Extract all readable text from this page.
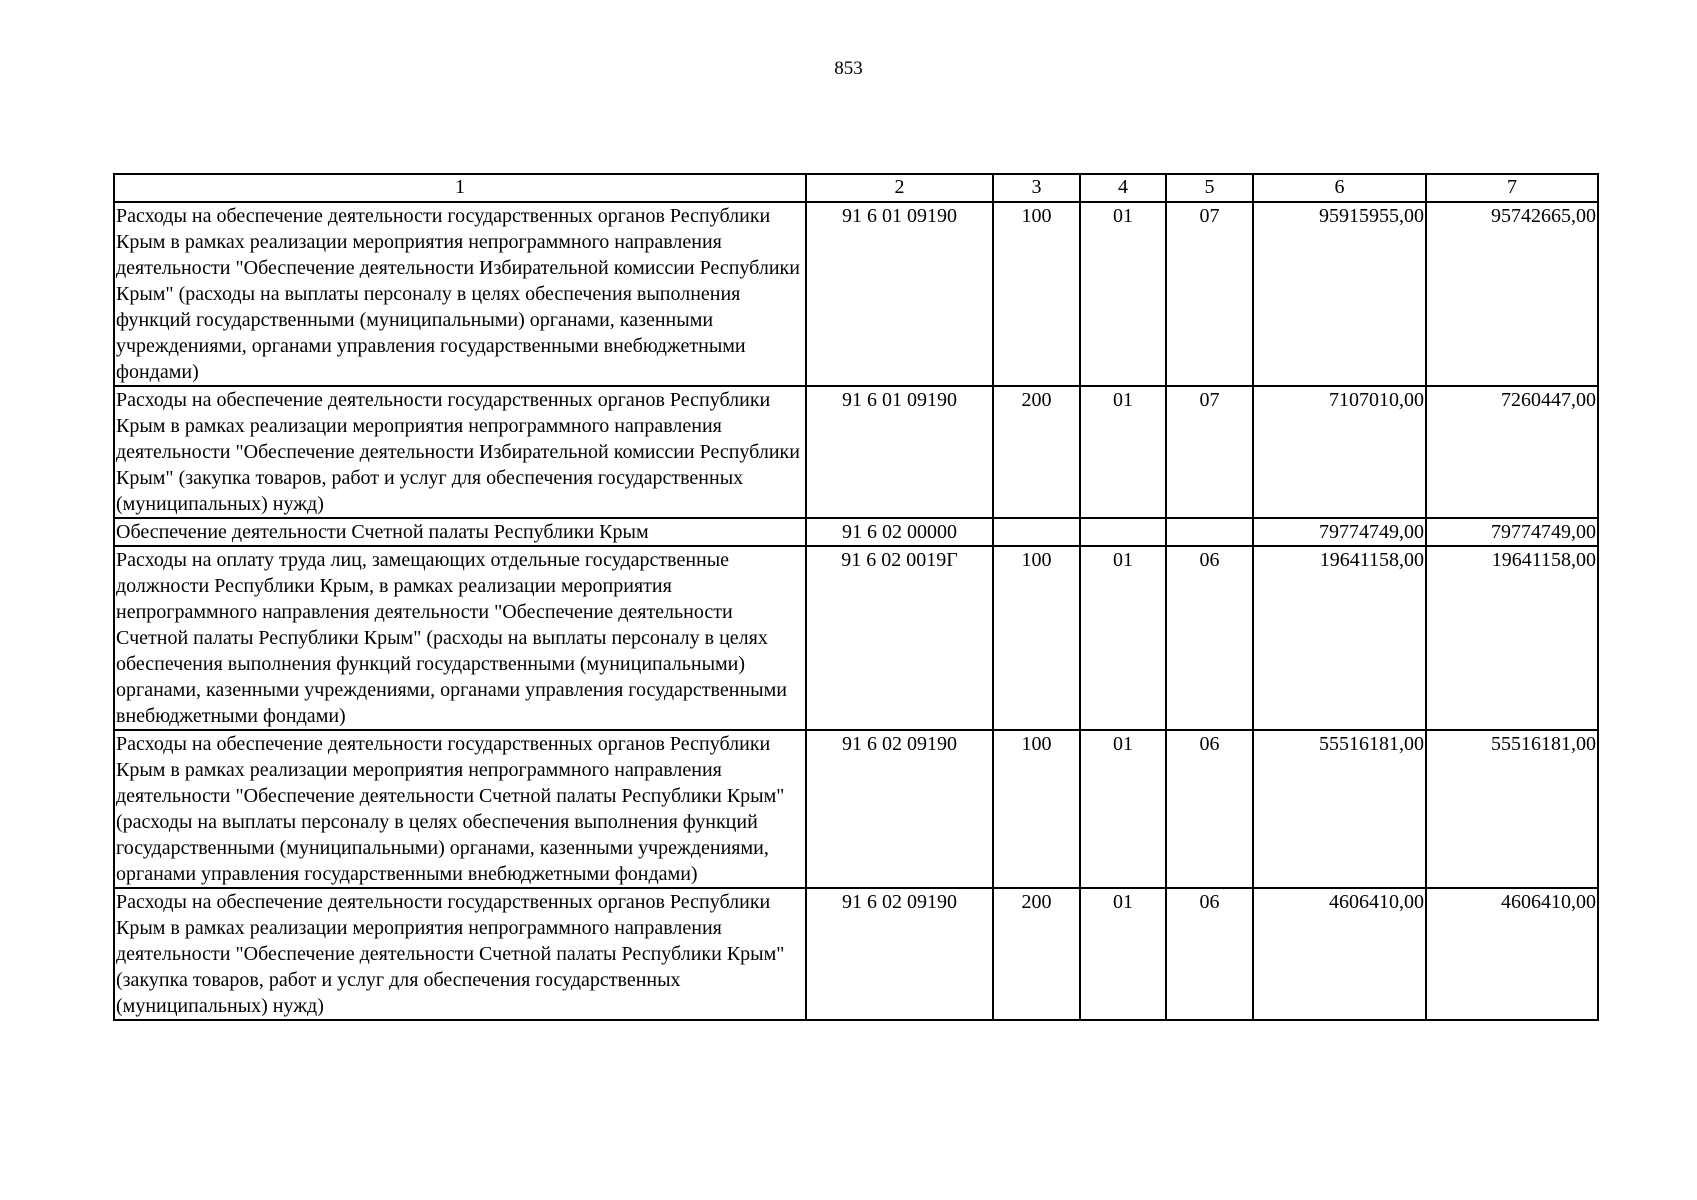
853
1	2	3	4	5	6	7
Расходы на обеспечение деятельности государственных органов Республики Крым в рамках реализации мероприятия непрограммного направления деятельности "Обеспечение деятельности Избирательной комиссии Республики Крым" (расходы на выплаты персоналу в целях обеспечения выполнения функций государственными (муниципальными) органами, казенными учреждениями, органами управления государственными внебюджетными фондами)	91 6 01 09190	100	01	07	95915955,00	95742665,00
Расходы на обеспечение деятельности государственных органов Республики Крым в рамках реализации мероприятия непрограммного направления деятельности "Обеспечение деятельности Избирательной комиссии Республики Крым" (закупка товаров, работ и услуг для обеспечения государственных (муниципальных) нужд)	91 6 01 09190	200	01	07	7107010,00	7260447,00
Обеспечение деятельности Счетной палаты Республики Крым	91 6 02 00000				79774749,00	79774749,00
Расходы на оплату труда лиц, замещающих отдельные государственные должности Республики Крым, в рамках реализации мероприятия непрограммного направления деятельности "Обеспечение деятельности Счетной палаты Республики Крым" (расходы на выплаты персоналу в целях обеспечения выполнения функций государственными (муниципальными) органами, казенными учреждениями, органами управления государственными внебюджетными фондами)	91 6 02 0019Г	100	01	06	19641158,00	19641158,00
Расходы на обеспечение деятельности государственных органов Республики Крым в рамках реализации мероприятия непрограммного направления деятельности "Обеспечение деятельности Счетной палаты Республики Крым" (расходы на выплаты персоналу в целях обеспечения выполнения функций государственными (муниципальными) органами, казенными учреждениями, органами управления государственными внебюджетными фондами)	91 6 02 09190	100	01	06	55516181,00	55516181,00
Расходы на обеспечение деятельности государственных органов Республики Крым в рамках реализации мероприятия непрограммного направления деятельности "Обеспечение деятельности Счетной палаты Республики Крым" (закупка товаров, работ и услуг для обеспечения государственных (муниципальных) нужд)	91 6 02 09190	200	01	06	4606410,00	4606410,00
